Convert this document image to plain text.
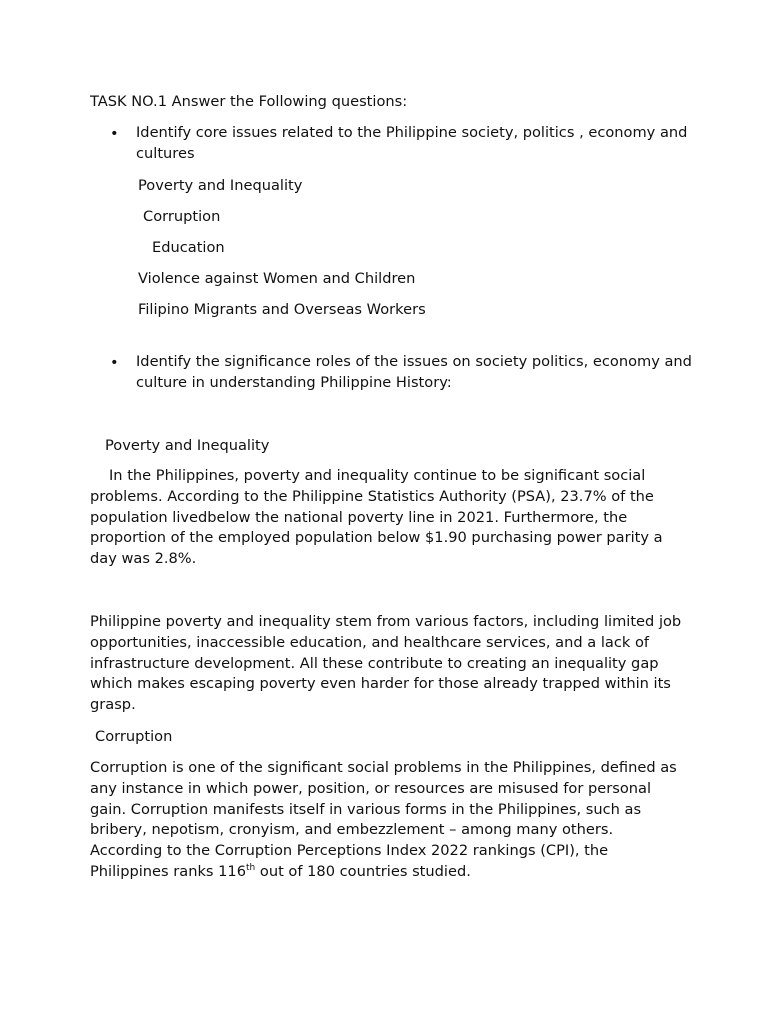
TASK NO.1 Answer the Following questions:

• Identify core issues related to the Philippine society, politics , economy and cultures

Poverty and Inequality

Corruption

Education

Violence against Women and Children

Filipino Migrants and Overseas Workers

• Identify the significance roles of the issues on society politics, economy and culture in understanding Philippine History:

Poverty and Inequality

In the Philippines, poverty and inequality continue to be significant social problems. According to the Philippine Statistics Authority (PSA), 23.7% of the population livedbelow the national poverty line in 2021. Furthermore, the proportion of the employed population below $1.90 purchasing power parity a day was 2.8%.

Philippine poverty and inequality stem from various factors, including limited job opportunities, inaccessible education, and healthcare services, and a lack of infrastructure development. All these contribute to creating an inequality gap which makes escaping poverty even harder for those already trapped within its grasp.

Corruption

Corruption is one of the significant social problems in the Philippines, defined as any instance in which power, position, or resources are misused for personal gain. Corruption manifests itself in various forms in the Philippines, such as bribery, nepotism, cronyism, and embezzlement – among many others. According to the Corruption Perceptions Index 2022 rankings (CPI), the Philippines ranks 116th out of 180 countries studied.
